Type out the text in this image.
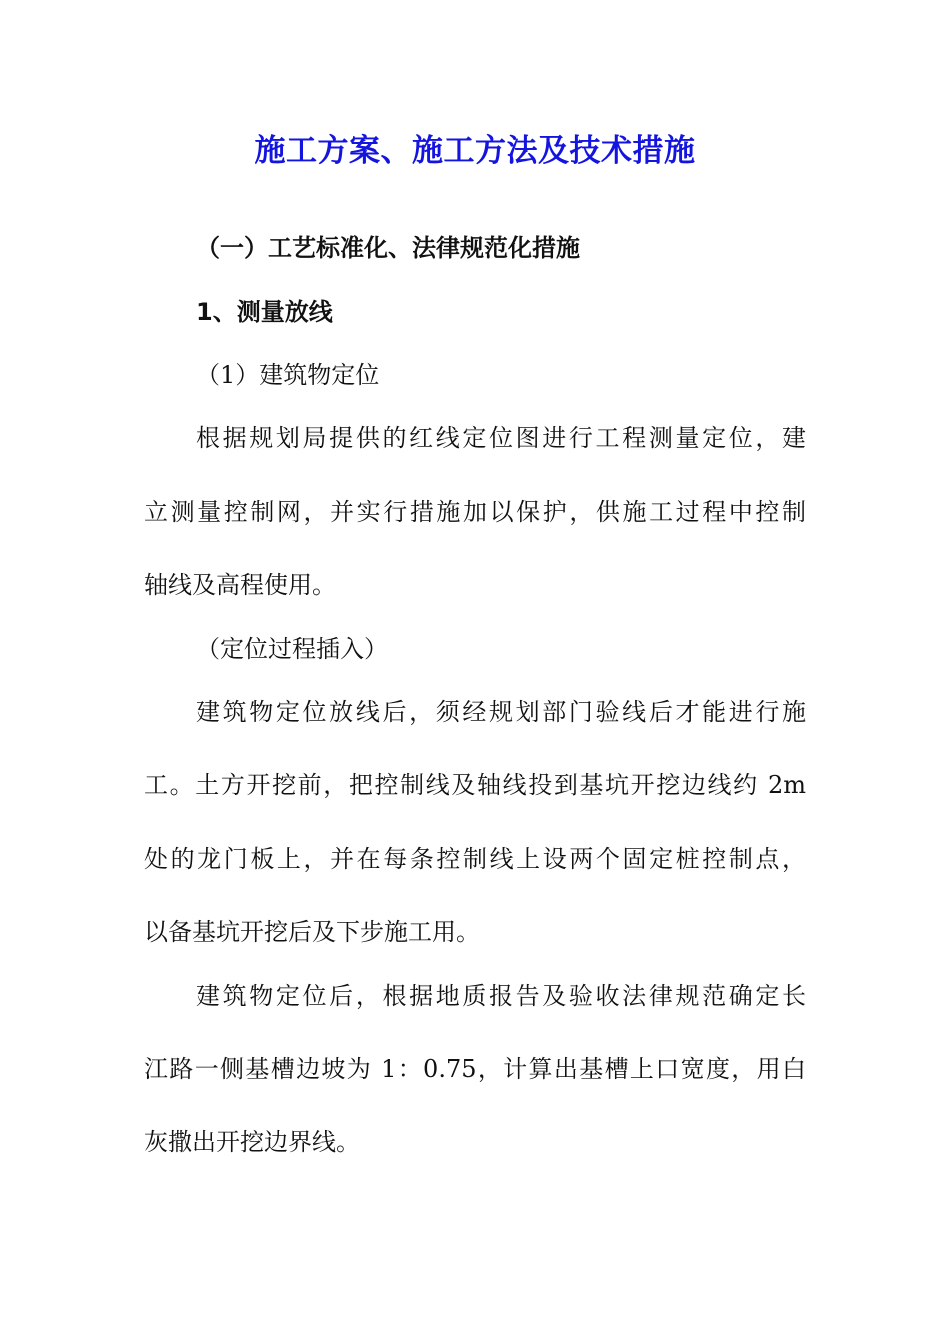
施工方案、施工方法及技术措施
（一）工艺标准化、法律规范化措施
1、测量放线
（1）建筑物定位
根据规划局提供的红线定位图进行工程测量定位，建
立测量控制网，并实行措施加以保护，供施工过程中控制
轴线及高程使用。
（定位过程插入）
建筑物定位放线后，须经规划部门验线后才能进行施
工。土方开挖前，把控制线及轴线投到基坑开挖边线约 2m
处的龙门板上，并在每条控制线上设两个固定桩控制点，
以备基坑开挖后及下步施工用。
建筑物定位后，根据地质报告及验收法律规范确定长
江路一侧基槽边坡为 1：0.75，计算出基槽上口宽度，用白
灰撒出开挖边界线。
